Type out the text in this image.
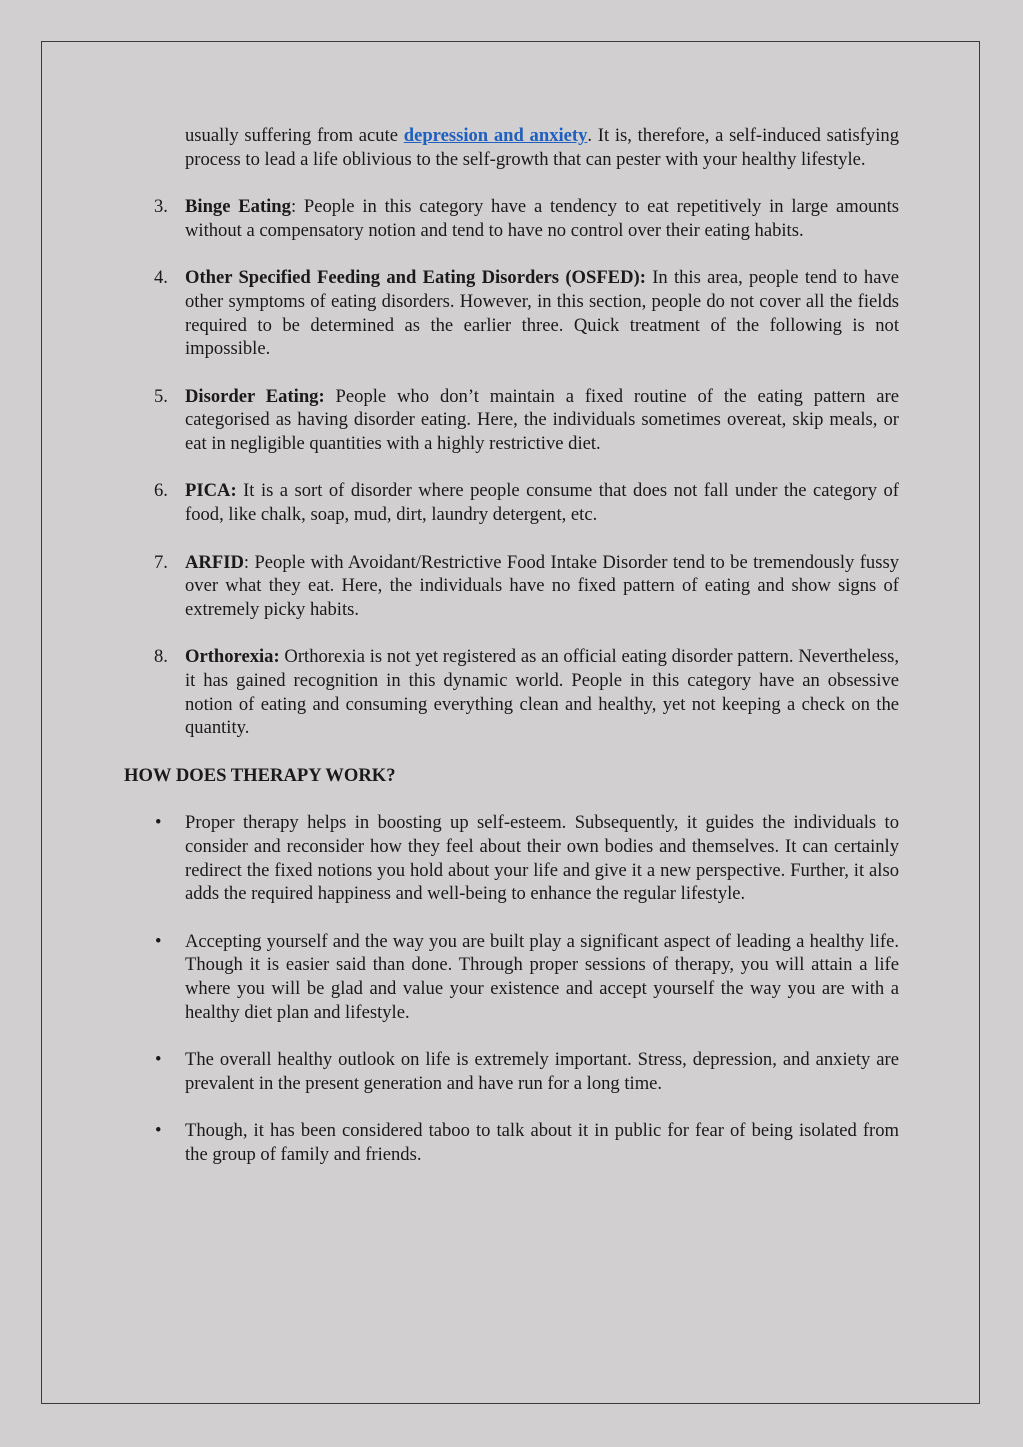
usually suffering from acute depression and anxiety. It is, therefore, a self-induced satisfying process to lead a life oblivious to the self-growth that can pester with your healthy lifestyle.

3. Binge Eating: People in this category have a tendency to eat repetitively in large amounts without a compensatory notion and tend to have no control over their eating habits.
4. Other Specified Feeding and Eating Disorders (OSFED): In this area, people tend to have other symptoms of eating disorders. However, in this section, people do not cover all the fields required to be determined as the earlier three. Quick treatment of the following is not impossible.
5. Disorder Eating: People who don’t maintain a fixed routine of the eating pattern are categorised as having disorder eating. Here, the individuals sometimes overeat, skip meals, or eat in negligible quantities with a highly restrictive diet.
6. PICA: It is a sort of disorder where people consume that does not fall under the category of food, like chalk, soap, mud, dirt, laundry detergent, etc.
7. ARFID: People with Avoidant/Restrictive Food Intake Disorder tend to be tremendously fussy over what they eat. Here, the individuals have no fixed pattern of eating and show signs of extremely picky habits.
8. Orthorexia: Orthorexia is not yet registered as an official eating disorder pattern. Nevertheless, it has gained recognition in this dynamic world. People in this category have an obsessive notion of eating and consuming everything clean and healthy, yet not keeping a check on the quantity.
HOW DOES THERAPY WORK?
• Proper therapy helps in boosting up self-esteem. Subsequently, it guides the individuals to consider and reconsider how they feel about their own bodies and themselves. It can certainly redirect the fixed notions you hold about your life and give it a new perspective. Further, it also adds the required happiness and well-being to enhance the regular lifestyle.
• Accepting yourself and the way you are built play a significant aspect of leading a healthy life. Though it is easier said than done. Through proper sessions of therapy, you will attain a life where you will be glad and value your existence and accept yourself the way you are with a healthy diet plan and lifestyle.
• The overall healthy outlook on life is extremely important. Stress, depression, and anxiety are prevalent in the present generation and have run for a long time.
• Though, it has been considered taboo to talk about it in public for fear of being isolated from the group of family and friends.
